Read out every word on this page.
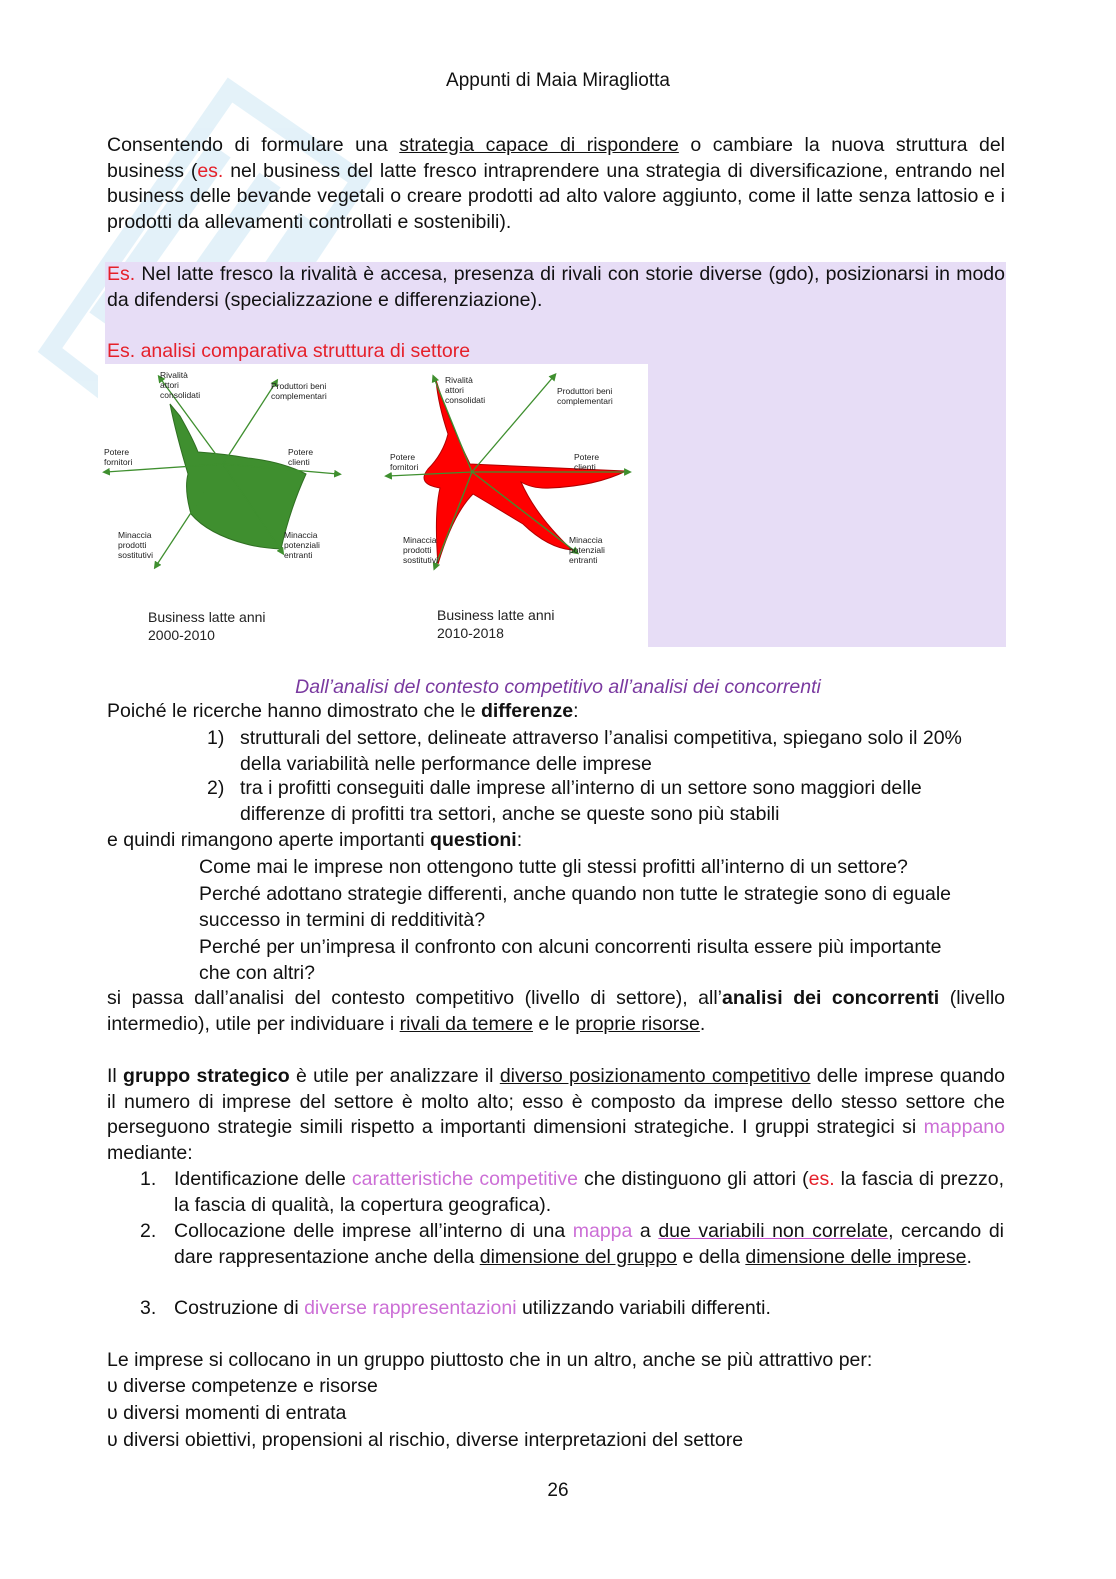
Appunti di Maia Miragliotta
Consentendo di formulare una strategia capace di rispondere o cambiare la nuova struttura del business (es. nel business del latte fresco intraprendere una strategia di diversificazione, entrando nel business delle bevande vegetali o creare prodotti ad alto valore aggiunto, come il latte senza lattosio e i prodotti da allevamenti controllati e sostenibili).
Es. Nel latte fresco la rivalità è accesa, presenza di rivali con storie diverse (gdo), posizionarsi in modo da difendersi (specializzazione e differenziazione).
Es. analisi comparativa struttura di settore
Rivalità attori consolidati
Produttori beni complementari
Potere fornitori
Potere clienti
Minaccia prodotti sostitutivi
Minaccia potenziali entranti
Business latte anni 2000-2010
Rivalità attori consolidati
Produttori beni complementari
Potere fornitori
Potere clienti
Minaccia prodotti sostitutivi
Minaccia potenziali entranti
Business latte anni 2010-2018
Dall’analisi del contesto competitivo all’analisi dei concorrenti
Poiché le ricerche hanno dimostrato che le differenze:
1) strutturali del settore, delineate attraverso l’analisi competitiva, spiegano solo il 20% della variabilità nelle performance delle imprese
2) tra i profitti conseguiti dalle imprese all’interno di un settore sono maggiori delle differenze di profitti tra settori, anche se queste sono più stabili
e quindi rimangono aperte importanti questioni:
Come mai le imprese non ottengono tutte gli stessi profitti all’interno di un settore?
Perché adottano strategie differenti, anche quando non tutte le strategie sono di eguale successo in termini di redditività?
Perché per un’impresa il confronto con alcuni concorrenti risulta essere più importante che con altri?
si passa dall’analisi del contesto competitivo (livello di settore), all’analisi dei concorrenti (livello intermedio), utile per individuare i rivali da temere e le proprie risorse.
Il gruppo strategico è utile per analizzare il diverso posizionamento competitivo delle imprese quando il numero di imprese del settore è molto alto; esso è composto da imprese dello stesso settore che perseguono strategie simili rispetto a importanti dimensioni strategiche. I gruppi strategici si mappano mediante:
1. Identificazione delle caratteristiche competitive che distinguono gli attori (es. la fascia di prezzo, la fascia di qualità, la copertura geografica).
2. Collocazione delle imprese all’interno di una mappa a due variabili non correlate, cercando di dare rappresentazione anche della dimensione del gruppo e della dimensione delle imprese.
3. Costruzione di diverse rappresentazioni utilizzando variabili differenti.
Le imprese si collocano in un gruppo piuttosto che in un altro, anche se più attrattivo per:
υ diverse competenze e risorse
υ diversi momenti di entrata
υ diversi obiettivi, propensioni al rischio, diverse interpretazioni del settore
26
